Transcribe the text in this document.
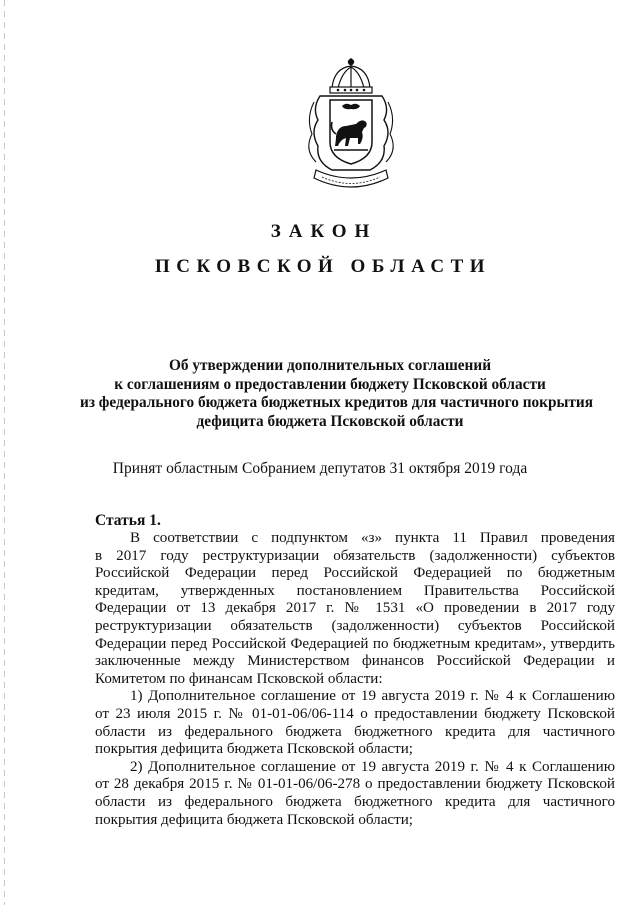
ЗАКОН
ПСКОВСКОЙ ОБЛАСТИ
Об утверждении дополнительных соглашений
к соглашениям о предоставлении бюджету Псковской области
из федерального бюджета бюджетных кредитов для частичного покрытия
дефицита бюджета Псковской области
Принят областным Собранием депутатов 31 октября 2019 года
Статья 1.
В соответствии с подпунктом «з» пункта 11 Правил проведения
в 2017 году реструктуризации обязательств (задолженности) субъектов
Российской Федерации перед Российской Федерацией по бюджетным
кредитам, утвержденных постановлением Правительства Российской
Федерации от 13 декабря 2017 г. № 1531 «О проведении в 2017 году
реструктуризации обязательств (задолженности) субъектов Российской
Федерации перед Российской Федерацией по бюджетным кредитам», утвердить
заключенные между Министерством финансов Российской Федерации и
Комитетом по финансам Псковской области:
1) Дополнительное соглашение от 19 августа 2019 г. № 4 к Соглашению
от 23 июля 2015 г. № 01-01-06/06-114 о предоставлении бюджету Псковской
области из федерального бюджета бюджетного кредита для частичного
покрытия дефицита бюджета Псковской области;
2) Дополнительное соглашение от 19 августа 2019 г. № 4 к Соглашению
от 28 декабря 2015 г. № 01-01-06/06-278 о предоставлении бюджету Псковской
области из федерального бюджета бюджетного кредита для частичного
покрытия дефицита бюджета Псковской области;
